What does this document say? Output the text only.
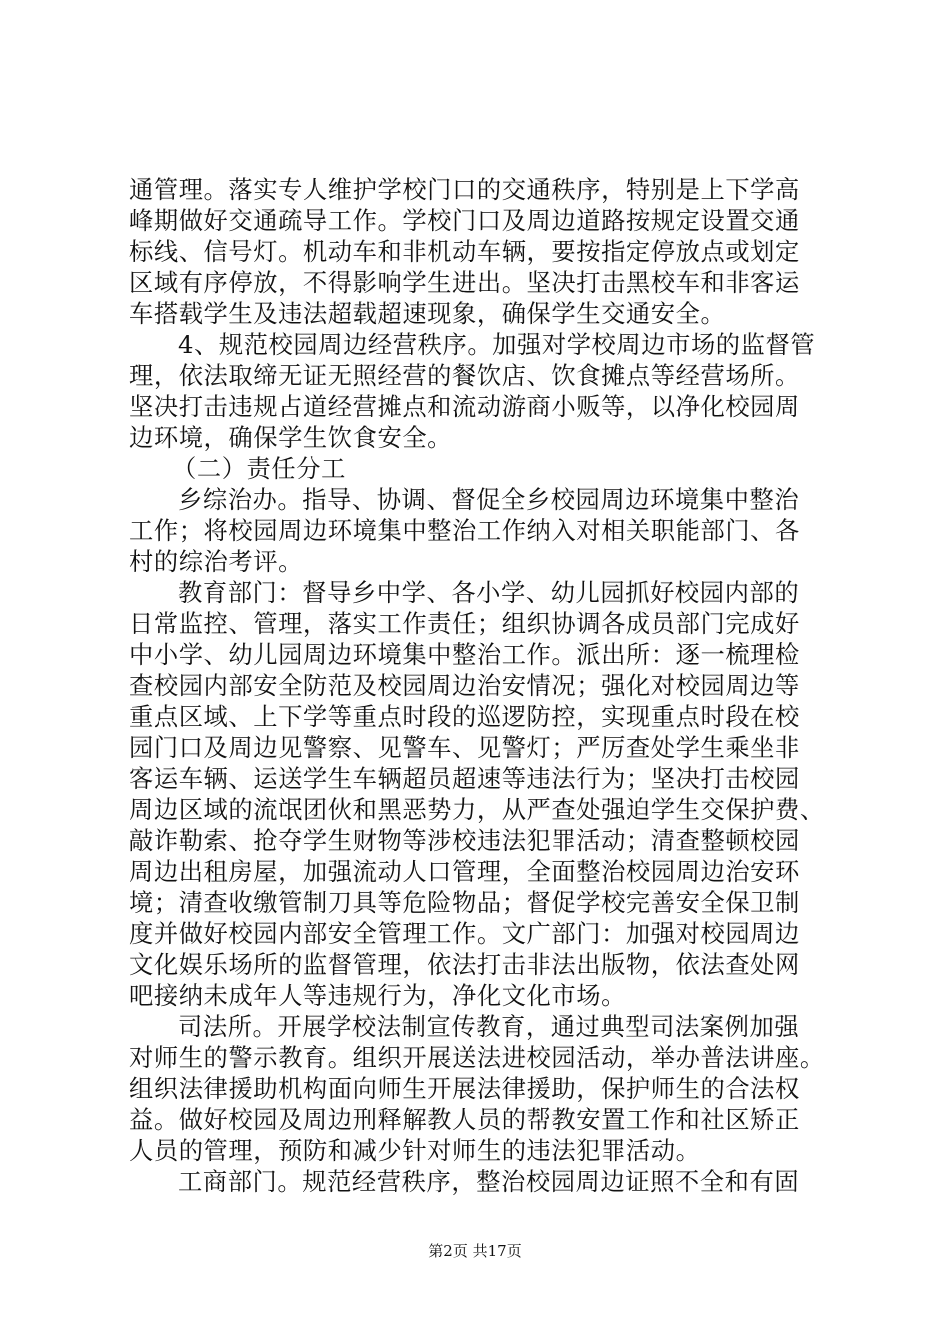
通管理。落实专人维护学校门口的交通秩序，特别是上下学高
峰期做好交通疏导工作。学校门口及周边道路按规定设置交通
标线、信号灯。机动车和非机动车辆，要按指定停放点或划定
区域有序停放，不得影响学生进出。坚决打击黑校车和非客运
车搭载学生及违法超载超速现象，确保学生交通安全。
4、规范校园周边经营秩序。加强对学校周边市场的监督管
理，依法取缔无证无照经营的餐饮店、饮食摊点等经营场所。
坚决打击违规占道经营摊点和流动游商小贩等，以净化校园周
边环境，确保学生饮食安全。
（二）责任分工
乡综治办。指导、协调、督促全乡校园周边环境集中整治
工作；将校园周边环境集中整治工作纳入对相关职能部门、各
村的综治考评。
教育部门：督导乡中学、各小学、幼儿园抓好校园内部的
日常监控、管理，落实工作责任；组织协调各成员部门完成好
中小学、幼儿园周边环境集中整治工作。派出所：逐一梳理检
查校园内部安全防范及校园周边治安情况；强化对校园周边等
重点区域、上下学等重点时段的巡逻防控，实现重点时段在校
园门口及周边见警察、见警车、见警灯；严厉查处学生乘坐非
客运车辆、运送学生车辆超员超速等违法行为；坚决打击校园
周边区域的流氓团伙和黑恶势力，从严查处强迫学生交保护费、
敲诈勒索、抢夺学生财物等涉校违法犯罪活动；清查整顿校园
周边出租房屋，加强流动人口管理，全面整治校园周边治安环
境；清查收缴管制刀具等危险物品；督促学校完善安全保卫制
度并做好校园内部安全管理工作。文广部门：加强对校园周边
文化娱乐场所的监督管理，依法打击非法出版物，依法查处网
吧接纳未成年人等违规行为，净化文化市场。
司法所。开展学校法制宣传教育，通过典型司法案例加强
对师生的警示教育。组织开展送法进校园活动，举办普法讲座。
组织法律援助机构面向师生开展法律援助，保护师生的合法权
益。做好校园及周边刑释解教人员的帮教安置工作和社区矫正
人员的管理，预防和减少针对师生的违法犯罪活动。
工商部门。规范经营秩序，整治校园周边证照不全和有固
第2页 共17页
